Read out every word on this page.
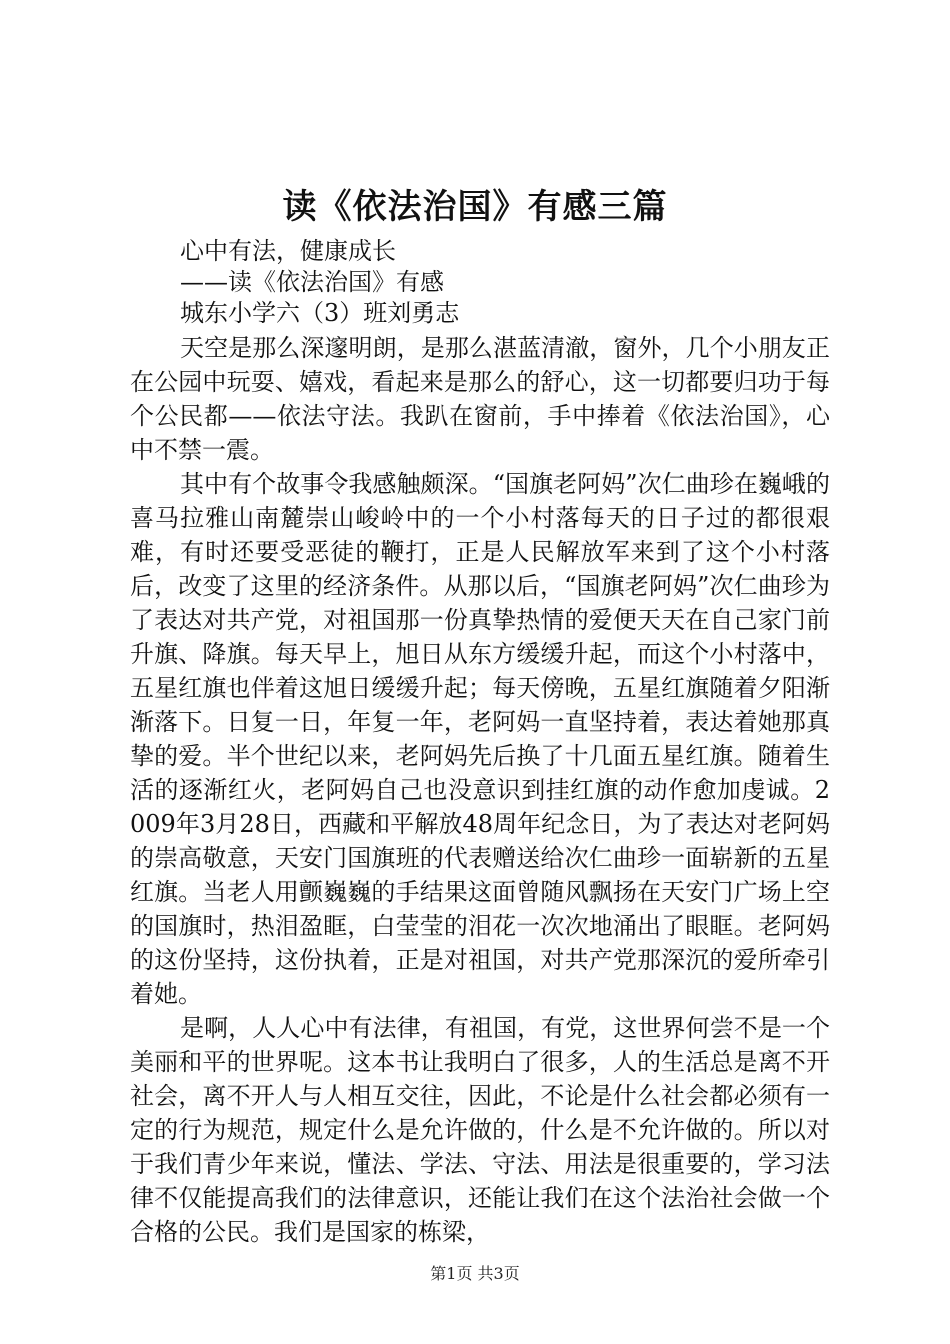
读《依法治国》有感三篇
心中有法，健康成长
——读《依法治国》有感
城东小学六（3）班刘勇志

天空是那么深邃明朗，是那么湛蓝清澈，窗外，几个小朋友正在公园中玩耍、嬉戏，看起来是那么的舒心，这一切都要归功于每个公民都——依法守法。我趴在窗前，手中捧着《依法治国》，心中不禁一震。

其中有个故事令我感触颇深。“国旗老阿妈”次仁曲珍在巍峨的喜马拉雅山南麓崇山峻岭中的一个小村落每天的日子过的都很艰难，有时还要受恶徒的鞭打，正是人民解放军来到了这个小村落后，改变了这里的经济条件。从那以后，“国旗老阿妈”次仁曲珍为了表达对共产党，对祖国那一份真挚热情的爱便天天在自己家门前升旗、降旗。每天早上，旭日从东方缓缓升起，而这个小村落中，五星红旗也伴着这旭日缓缓升起；每天傍晚，五星红旗随着夕阳渐渐落下。日复一日，年复一年，老阿妈一直坚持着，表达着她那真挚的爱。半个世纪以来，老阿妈先后换了十几面五星红旗。随着生活的逐渐红火，老阿妈自己也没意识到挂红旗的动作愈加虔诚。2009年3月28日，西藏和平解放48周年纪念日，为了表达对老阿妈的崇高敬意，天安门国旗班的代表赠送给次仁曲珍一面崭新的五星红旗。当老人用颤巍巍的手结果这面曾随风飘扬在天安门广场上空的国旗时，热泪盈眶，白莹莹的泪花一次次地涌出了眼眶。老阿妈的这份坚持，这份执着，正是对祖国，对共产党那深沉的爱所牵引着她。

是啊，人人心中有法律，有祖国，有党，这世界何尝不是一个美丽和平的世界呢。这本书让我明白了很多，人的生活总是离不开社会，离不开人与人相互交往，因此，不论是什么社会都必须有一定的行为规范，规定什么是允许做的，什么是不允许做的。所以对于我们青少年来说，懂法、学法、守法、用法是很重要的，学习法律不仅能提高我们的法律意识，还能让我们在这个法治社会做一个合格的公民。我们是国家的栋梁，

第1页 共3页
